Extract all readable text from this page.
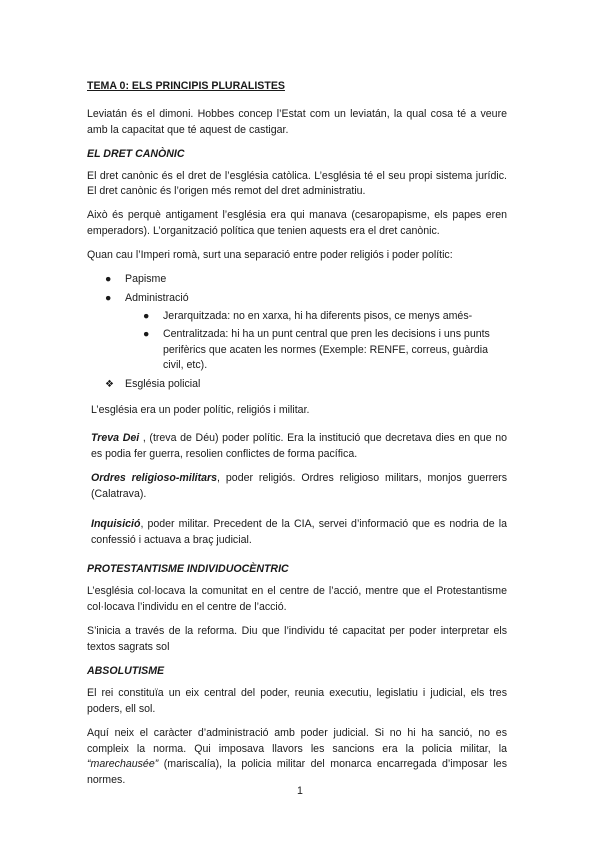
TEMA 0: ELS PRINCIPIS PLURALISTES

Leviatán és el dimoni. Hobbes concep l’Estat com un leviatán, la qual cosa té a veure amb la capacitat que té aquest de castigar.

EL DRET CANÒNIC

El dret canònic és el dret de l’església catòlica. L’església té el seu propi sistema jurídic. El dret canònic és l’origen més remot del dret administratiu.

Això és perquè antigament l’església era qui manava (cesaropapisme, els papes eren emperadors). L’organització política que tenien aquests era el dret canònic.

Quan cau l’Imperi romà, surt una separació entre poder religiós i poder polític:

● Papisme
● Administració
● Jerarquitzada: no en xarxa, hi ha diferents pisos, ce menys amés-
● Centralitzada: hi ha un punt central que pren les decisions i uns punts perifèrics que acaten les normes (Exemple: RENFE, correus, guàrdia civil, etc).
❖ Església policial

L’església era un poder polític, religiós i militar.

Treva Dei , (treva de Déu) poder polític. Era la institució que decretava dies en que no es podia fer guerra, resolien conflictes de forma pacífica.

Ordres religioso-militars, poder religiós. Ordres religioso militars, monjos guerrers (Calatrava).

Inquisició, poder militar. Precedent de la CIA, servei d’informació que es nodria de la confessió i actuava a braç judicial.

PROTESTANTISME INDIVIDUOCÈNTRIC

L’església col·locava la comunitat en el centre de l’acció, mentre que el Protestantisme col·locava l’individu en el centre de l’acció.

S’inicia a través de la reforma. Diu que l’individu té capacitat per poder interpretar els textos sagrats sol

ABSOLUTISME

El rei constituïa un eix central del poder, reunia executiu, legislatiu i judicial, els tres poders, ell sol.

Aquí neix el caràcter d’administració amb poder judicial. Si no hi ha sanció, no es compleix la norma. Qui imposava llavors les sancions era la policia militar, la “marechausée” (mariscalía), la policia militar del monarca encarregada d’imposar les normes.

1
